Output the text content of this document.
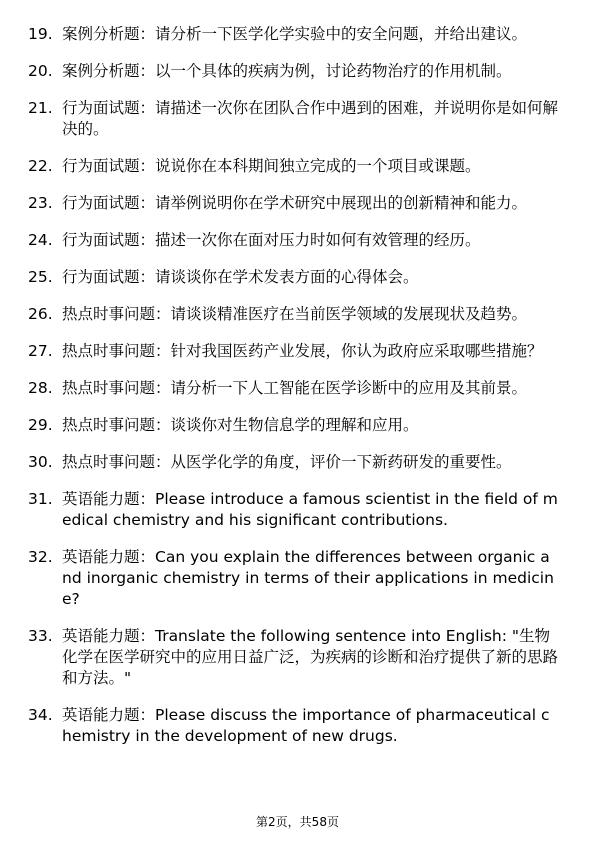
19. 案例分析题：请分析一下医学化学实验中的安全问题，并给出建议。
20. 案例分析题：以一个具体的疾病为例，讨论药物治疗的作用机制。
21. 行为面试题：请描述一次你在团队合作中遇到的困难，并说明你是如何解决的。
22. 行为面试题：说说你在本科期间独立完成的一个项目或课题。
23. 行为面试题：请举例说明你在学术研究中展现出的创新精神和能力。
24. 行为面试题：描述一次你在面对压力时如何有效管理的经历。
25. 行为面试题：请谈谈你在学术发表方面的心得体会。
26. 热点时事问题：请谈谈精准医疗在当前医学领域的发展现状及趋势。
27. 热点时事问题：针对我国医药产业发展，你认为政府应采取哪些措施？
28. 热点时事问题：请分析一下人工智能在医学诊断中的应用及其前景。
29. 热点时事问题：谈谈你对生物信息学的理解和应用。
30. 热点时事问题：从医学化学的角度，评价一下新药研发的重要性。
31. 英语能力题：Please introduce a famous scientist in the field of medical chemistry and his significant contributions.
32. 英语能力题：Can you explain the differences between organic and inorganic chemistry in terms of their applications in medicine?
33. 英语能力题：Translate the following sentence into English: "生物化学在医学研究中的应用日益广泛，为疾病的诊断和治疗提供了新的思路和方法。"
34. 英语能力题：Please discuss the importance of pharmaceutical chemistry in the development of new drugs.
第2页，共58页
